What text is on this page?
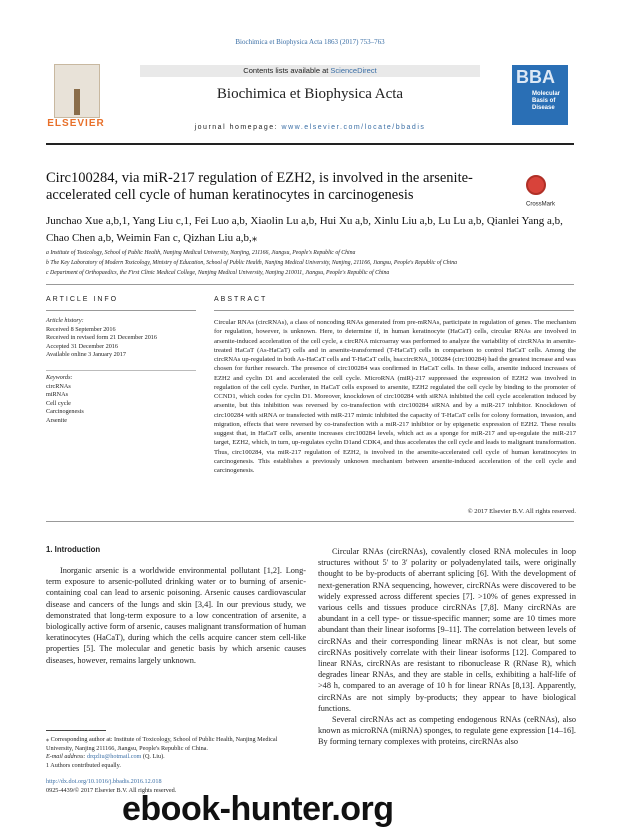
Biochimica et Biophysica Acta 1863 (2017) 753–763
ELSEVIER
Contents lists available at ScienceDirect
Biochimica et Biophysica Acta
journal homepage: www.elsevier.com/locate/bbadis
BBA
Molecular Basis of Disease
Circ100284, via miR-217 regulation of EZH2, is involved in the arsenite-accelerated cell cycle of human keratinocytes in carcinogenesis
CrossMark
Junchao Xue a,b,1, Yang Liu c,1, Fei Luo a,b, Xiaolin Lu a,b, Hui Xu a,b, Xinlu Liu a,b, Lu Lu a,b, Qianlei Yang a,b,
Chao Chen a,b, Weimin Fan c, Qizhan Liu a,b,⁎
a Institute of Toxicology, School of Public Health, Nanjing Medical University, Nanjing, 211166, Jiangsu, People's Republic of China
b The Key Laboratory of Modern Toxicology, Ministry of Education, School of Public Health, Nanjing Medical University, Nanjing, 211166, Jiangsu, People's Republic of China
c Department of Orthopaedics, the First Clinic Medical College, Nanjing Medical University, Nanjing 210011, Jiangsu, People's Republic of China
ARTICLE INFO	ABSTRACT
Article history:
Received 8 September 2016
Received in revised form 21 December 2016
Accepted 31 December 2016
Available online 3 January 2017
Keywords:
circRNAs
miRNAs
Cell cycle
Carcinogenesis
Arsenite
Circular RNAs (circRNAs), a class of noncoding RNAs generated from pre-mRNAs, participate in regulation of genes. The mechanism for regulation, however, is unknown. Here, to determine if, in human keratinocyte (HaCaT) cells, circular RNAs are involved in arsenite-induced acceleration of the cell cycle, a circRNA microarray was performed to analyze the variability of circRNAs in arsenite-treated HaCaT (As-HaCaT) cells and in arsenite-transformed (T-HaCaT) cells in comparison to control HaCaT cells. Among the circRNAs up-regulated in both As-HaCaT cells and T-HaCaT cells, hsa:circRNA_100284 (circ100284) had the greatest increase and was chosen for further research. The presence of circ100284 was confirmed in HaCaT cells. In these cells, arsenite induced increases of EZH2 and cyclin D1 and accelerated the cell cycle. MicroRNA (miR)-217 suppressed the expression of EZH2 was involved in regulation of the cell cycle. Further, in HaCaT cells exposed to arsenite, EZH2 regulated the cell cycle by binding to the promoter of CCND1, which codes for cyclin D1. Moreover, knockdown of circ100284 with siRNA inhibited the cell cycle acceleration induced by arsenite, but this inhibition was reversed by co-transfection with circ100284 siRNA and by a miR-217 inhibitor. Knockdown of circ100284 with siRNA or transfected with miR-217 mimic inhibited the capacity of T-HaCaT cells for colony formation, invasion, and migration, effects that were reversed by co-transfection with a miR-217 inhibitor or by epigenetic expression of EZH2. These results suggest that, in HaCaT cells, arsenite increases circ100284 levels, which act as a sponge for miR-217 and up-regulate the miR-217 target, EZH2, which, in turn, up-regulates cyclin D1and CDK4, and thus accelerates the cell cycle and leads to malignant transformation. Thus, circ100284, via miR-217 regulation of EZH2, is involved in the arsenite-accelerated cell cycle of human keratinocytes in carcinogenesis. This establishes a previously unknown mechanism between arsenite-induced acceleration of the cell cycle and carcinogenesis.
© 2017 Elsevier B.V. All rights reserved.
1. Introduction

Inorganic arsenic is a worldwide environmental pollutant [1,2]. Long-term exposure to arsenic-polluted drinking water or to burning of arsenic-containing coal can lead to arsenic poisoning. Arsenic causes cardiovascular disease and cancers of the lungs and skin [3,4]. In our previous study, we demonstrated that long-term exposure to a low concentration of arsenite, a biologically active form of arsenic, causes malignant transformation of human keratinocytes (HaCaT), during which the cells acquire cancer stem cell-like properties [5]. The molecular and genetic basis by which arsenic causes diseases, however, remains largely unknown.

Circular RNAs (circRNAs), covalently closed RNA molecules in loop structures without 5′ to 3′ polarity or polyadenylated tails, were originally thought to be by-products of aberrant splicing [6]. With the development of next-generation RNA sequencing, however, circRNAs were discovered to be widely expressed across different species [7]. >10% of genes expressed in various cells and tissues produce circRNAs [7,8]. Many circRNAs are abundant in a cell type- or tissue-specific manner; some are 10 times more abundant than their linear isoforms [9–11]. The correlation between levels of circRNAs and their corresponding linear mRNAs is not clear, but some circRNAs positively correlate with their linear isoforms [12]. Compared to linear RNAs, circRNAs are resistant to ribonuclease R (RNase R), which degrades linear RNAs, and they are stable in cells, exhibiting a half-life of >48 h, compared to an average of 10 h for linear RNAs [8,13]. Apparently, circRNAs are not simply by-products; they appear to have biological functions.

Several circRNAs act as competing endogenous RNAs (ceRNAs), also known as microRNA (miRNA) sponges, to regulate gene expression [14–16]. By forming ternary complexes with proteins, circRNAs also

⁎ Corresponding author at: Institute of Toxicology, School of Public Health, Nanjing Medical University, Nanjing 211166, Jiangsu, People's Republic of China.
E-mail address: drqzliu@hotmail.com (Q. Liu).
1 Authors contributed equally.
http://dx.doi.org/10.1016/j.bbadis.2016.12.018
0925-4439/© 2017 Elsevier B.V. All rights reserved.
ebook-hunter.org
